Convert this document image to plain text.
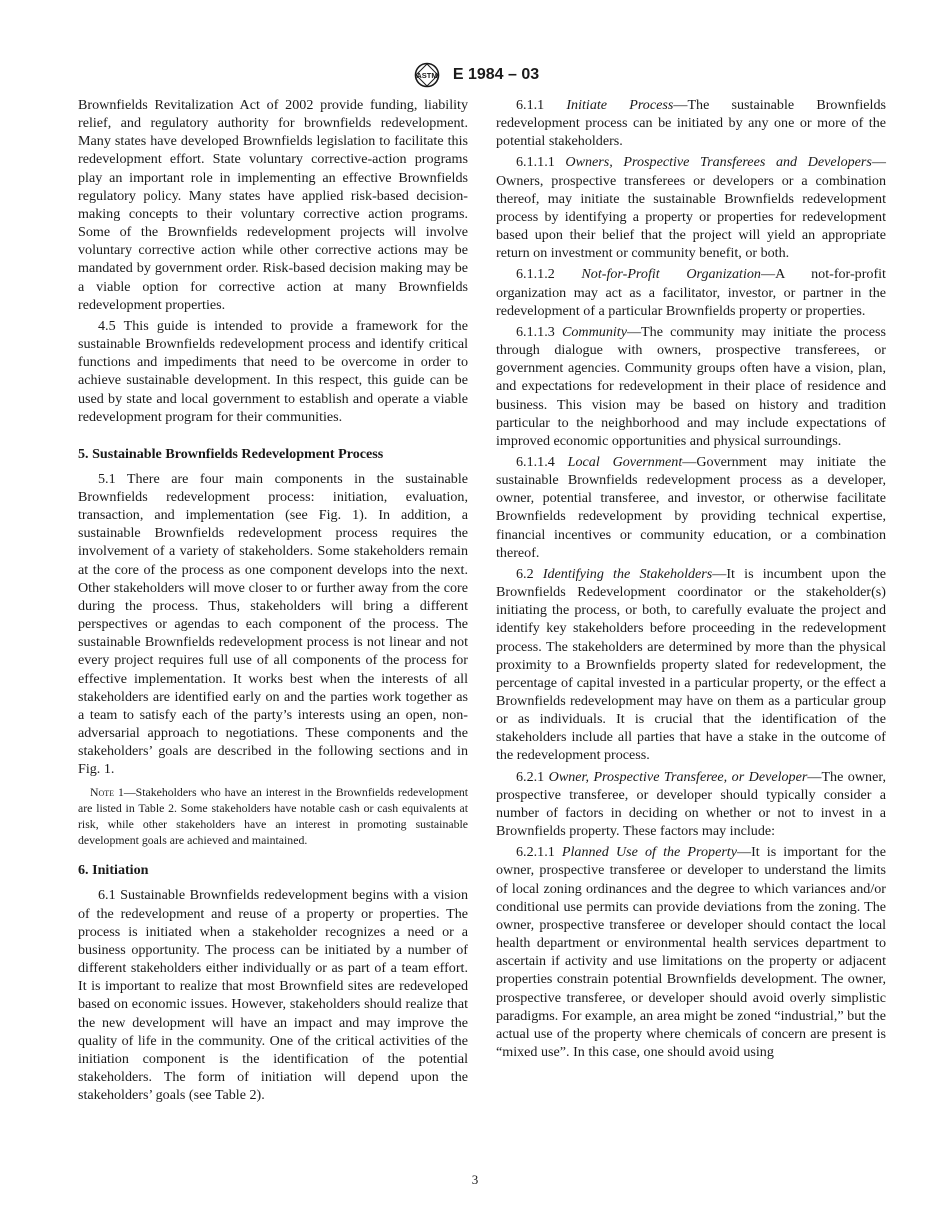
ASTM E 1984 – 03

Brownfields Revitalization Act of 2002 provide funding, liability relief, and regulatory authority for brownfields redevelopment. Many states have developed Brownfields legislation to facilitate this redevelopment effort. State voluntary corrective-action programs play an important role in implementing an effective Brownfields regulatory policy. Many states have applied risk-based decision-making concepts to their voluntary corrective action programs. Some of the Brownfields redevelopment projects will involve voluntary corrective action while other corrective actions may be mandated by government order. Risk-based decision making may be a viable option for corrective action at many Brownfields redevelopment properties.

4.5 This guide is intended to provide a framework for the sustainable Brownfields redevelopment process and identify critical functions and impediments that need to be overcome in order to achieve sustainable development. In this respect, this guide can be used by state and local government to establish and operate a viable redevelopment program for their communities.

5. Sustainable Brownfields Redevelopment Process

5.1 There are four main components in the sustainable Brownfields redevelopment process: initiation, evaluation, transaction, and implementation (see Fig. 1). In addition, a sustainable Brownfields redevelopment process requires the involvement of a variety of stakeholders. Some stakeholders remain at the core of the process as one component develops into the next. Other stakeholders will move closer to or further away from the core during the process. Thus, stakeholders will bring a different perspectives or agendas to each component of the process. The sustainable Brownfields redevelopment process is not linear and not every project requires full use of all components of the process for effective implementation. It works best when the interests of all stakeholders are identified early on and the parties work together as a team to satisfy each of the party’s interests using an open, non-adversarial approach to negotiations. These components and the stakeholders’ goals are described in the following sections and in Fig. 1.

Note 1—Stakeholders who have an interest in the Brownfields redevelopment are listed in Table 2. Some stakeholders have notable cash or cash equivalents at risk, while other stakeholders have an interest in promoting sustainable development goals are achieved and maintained.
6. Initiation

6.1 Sustainable Brownfields redevelopment begins with a vision of the redevelopment and reuse of a property or properties. The process is initiated when a stakeholder recognizes a need or a business opportunity. The process can be initiated by a number of different stakeholders either individually or as part of a team effort. It is important to realize that most Brownfield sites are redeveloped based on economic issues. However, stakeholders should realize that the new development will have an impact and may improve the quality of life in the community. One of the critical activities of the initiation component is the identification of the potential stakeholders. The form of initiation will depend upon the stakeholders’ goals (see Table 2).

6.1.1 Initiate Process—The sustainable Brownfields redevelopment process can be initiated by any one or more of the potential stakeholders.

6.1.1.1 Owners, Prospective Transferees and Developers—Owners, prospective transferees or developers or a combination thereof, may initiate the sustainable Brownfields redevelopment process by identifying a property or properties for redevelopment based upon their belief that the project will yield an appropriate return on investment or community benefit, or both.

6.1.1.2 Not-for-Profit Organization—A not-for-profit organization may act as a facilitator, investor, or partner in the redevelopment of a particular Brownfields property or properties.

6.1.1.3 Community—The community may initiate the process through dialogue with owners, prospective transferees, or government agencies. Community groups often have a vision, plan, and expectations for redevelopment in their place of residence and business. This vision may be based on history and tradition particular to the neighborhood and may include expectations of improved economic opportunities and physical surroundings.

6.1.1.4 Local Government—Government may initiate the sustainable Brownfields redevelopment process as a developer, owner, potential transferee, and investor, or otherwise facilitate Brownfields redevelopment by providing technical expertise, financial incentives or community education, or a combination thereof.

6.2 Identifying the Stakeholders—It is incumbent upon the Brownfields Redevelopment coordinator or the stakeholder(s) initiating the process, or both, to carefully evaluate the project and identify key stakeholders before proceeding in the redevelopment process. The stakeholders are determined by more than the physical proximity to a Brownfields property slated for redevelopment, the percentage of capital invested in a particular property, or the effect a Brownfields redevelopment may have on them as a particular group or as individuals. It is crucial that the identification of the stakeholders include all parties that have a stake in the outcome of the redevelopment process.

6.2.1 Owner, Prospective Transferee, or Developer—The owner, prospective transferee, or developer should typically consider a number of factors in deciding on whether or not to invest in a Brownfields property. These factors may include:

6.2.1.1 Planned Use of the Property—It is important for the owner, prospective transferee or developer to understand the limits of local zoning ordinances and the degree to which variances and/or conditional use permits can provide deviations from the zoning. The owner, prospective transferee or developer should contact the local health department or environmental health services department to ascertain if activity and use limitations on the property or adjacent properties constrain potential Brownfields development. The owner, prospective transferee, or developer should avoid overly simplistic paradigms. For example, an area might be zoned “industrial,” but the actual use of the property where chemicals of concern are present is “mixed use”. In this case, one should avoid using

3
